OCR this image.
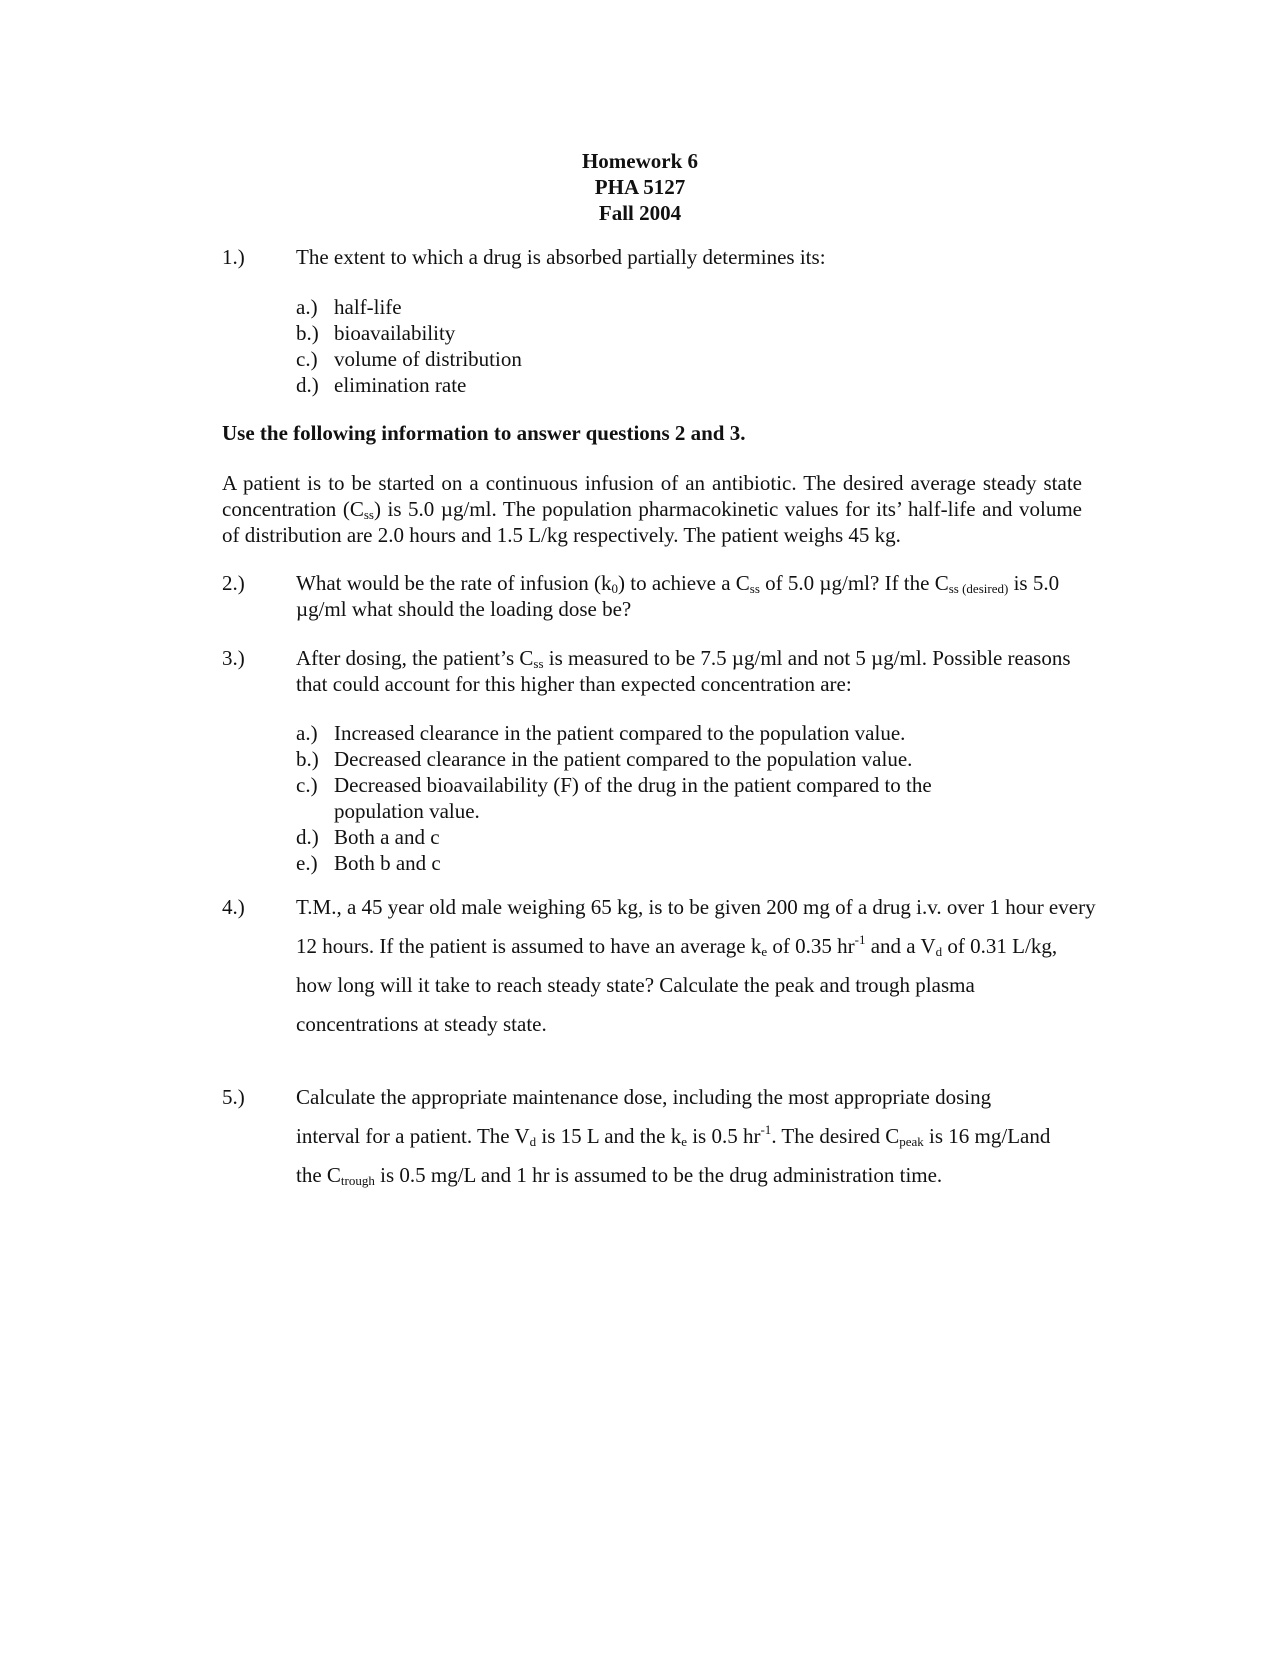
Homework 6
PHA 5127
Fall 2004
1.)	The extent to which a drug is absorbed partially determines its:
a.) half-life
b.) bioavailability
c.) volume of distribution
d.) elimination rate
Use the following information to answer questions 2 and 3.
A patient is to be started on a continuous infusion of an antibiotic. The desired average steady state concentration $(C_{ss})$ is 5.0 µg/ml. The population pharmacokinetic values for its’ half-life and volume of distribution are 2.0 hours and 1.5 L/kg respectively. The patient weighs 45 kg.
2.)	What would be the rate of infusion $(k_0)$ to achieve a $C_{ss}$ of 5.0 µg/ml? If the $C_{ss (desired)}$ is 5.0 µg/ml what should the loading dose be?
3.)	After dosing, the patient’s $C_{ss}$ is measured to be 7.5 µg/ml and not 5 µg/ml. Possible reasons that could account for this higher than expected concentration are:
a.) Increased clearance in the patient compared to the population value.
b.) Decreased clearance in the patient compared to the population value.
c.) Decreased bioavailability (F) of the drug in the patient compared to the population value.
d.) Both a and c
e.) Both b and c
4.)	T.M., a 45 year old male weighing 65 kg, is to be given 200 mg of a drug i.v. over 1 hour every 12 hours. If the patient is assumed to have an average $k_e$ of 0.35 $hr^{-1}$ and a $V_d$ of 0.31 L/kg, how long will it take to reach steady state? Calculate the peak and trough plasma concentrations at steady state.
5.)	Calculate the appropriate maintenance dose, including the most appropriate dosing interval for a patient. The $V_d$ is 15 L and the $k_e$ is 0.5 $hr^{-1}$. The desired $C_{peak}$ is 16 mg/Land the $C_{trough}$ is 0.5 mg/L and 1 hr is assumed to be the drug administration time.
